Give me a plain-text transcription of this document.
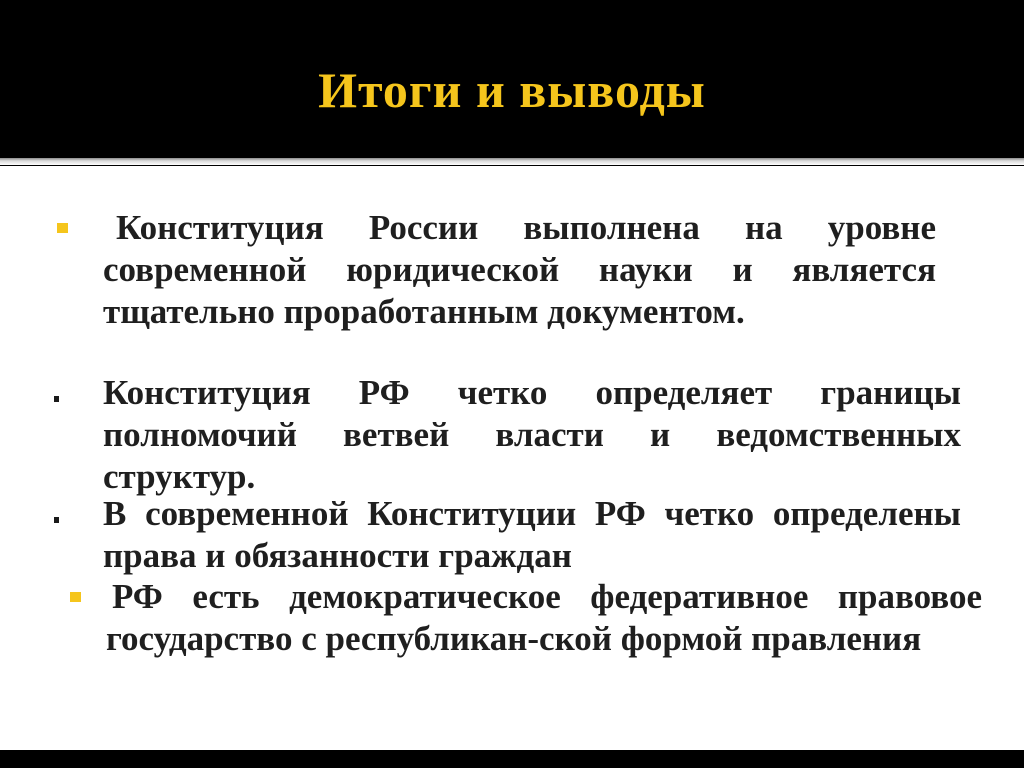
Итоги и выводы

Конституция России выполнена на уровне современной юридической науки и является тщательно проработанным документом.

Конституция РФ четко определяет границы полномочий ветвей власти и ведомственных структур.

В современной Конституции РФ четко определены права и обязанности граждан

РФ есть демократическое федеративное правовое государство с республикан-ской формой правления
